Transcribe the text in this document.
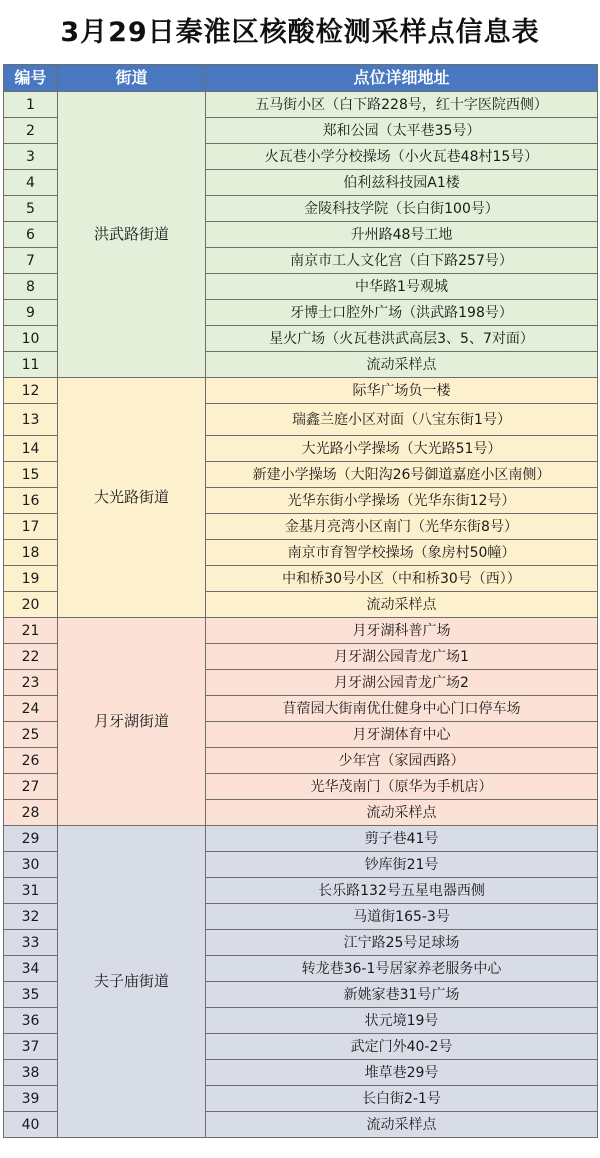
3月29日秦淮区核酸检测采样点信息表
编号	街道	点位详细地址
1	洪武路街道	五马街小区（白下路228号，红十字医院西侧）
2		郑和公园（太平巷35号）
3		火瓦巷小学分校操场（小火瓦巷48村15号）
4		伯利兹科技园A1楼
5		金陵科技学院（长白街100号）
6		升州路48号工地
7		南京市工人文化宫（白下路257号）
8		中华路1号观城
9		牙博士口腔外广场（洪武路198号）
10		星火广场（火瓦巷洪武高层3、5、7对面）
11		流动采样点
12	大光路街道	际华广场负一楼
13		瑞鑫兰庭小区对面（八宝东街1号）
14		大光路小学操场（大光路51号）
15		新建小学操场（大阳沟26号御道嘉庭小区南侧）
16		光华东街小学操场（光华东街12号）
17		金基月亮湾小区南门（光华东街8号）
18		南京市育智学校操场（象房村50幢）
19		中和桥30号小区（中和桥30号（西））
20		流动采样点
21	月牙湖街道	月牙湖科普广场
22		月牙湖公园青龙广场1
23		月牙湖公园青龙广场2
24		苜蓿园大街南优仕健身中心门口停车场
25		月牙湖体育中心
26		少年宫（家园西路）
27		光华茂南门（原华为手机店）
28		流动采样点
29	夫子庙街道	剪子巷41号
30		钞库街21号
31		长乐路132号五星电器西侧
32		马道街165-3号
33		江宁路25号足球场
34		转龙巷36-1号居家养老服务中心
35		新姚家巷31号广场
36		状元境19号
37		武定门外40-2号
38		堆草巷29号
39		长白街2-1号
40		流动采样点
